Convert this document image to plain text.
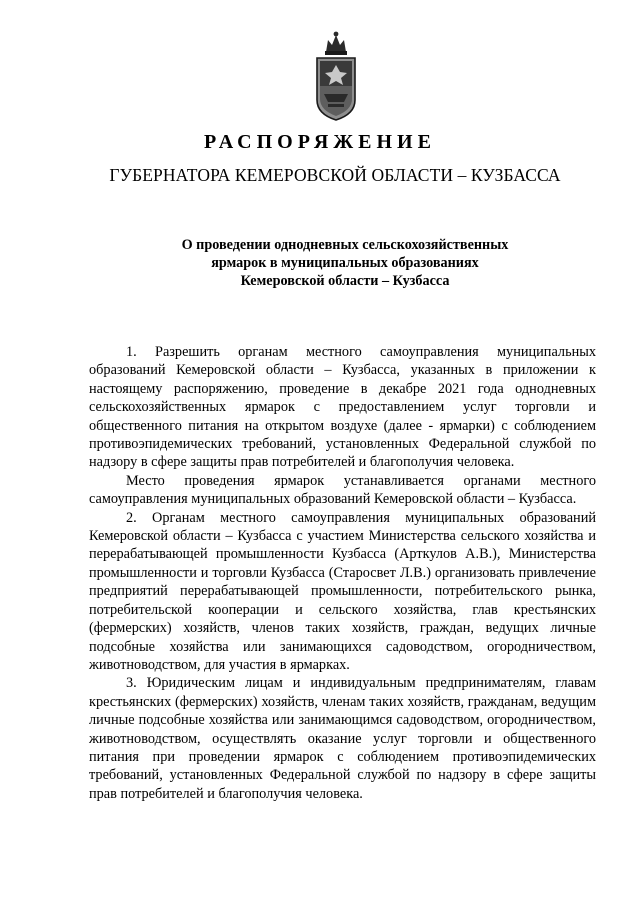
РАСПОРЯЖЕНИЕ
ГУБЕРНАТОРА КЕМЕРОВСКОЙ ОБЛАСТИ – КУЗБАССА
О проведении однодневных сельскохозяйственных
ярмарок в муниципальных образованиях
Кемеровской области – Кузбасса

1. Разрешить органам местного самоуправления муниципальных образований Кемеровской области – Кузбасса, указанных в приложении к настоящему распоряжению, проведение в декабре 2021 года однодневных сельскохозяйственных ярмарок с предоставлением услуг торговли и общественного питания на открытом воздухе (далее - ярмарки) с соблюдением противоэпидемических требований, установленных Федеральной службой по надзору в сфере защиты прав потребителей и благополучия человека.

Место проведения ярмарок устанавливается органами местного самоуправления муниципальных образований Кемеровской области – Кузбасса.

2. Органам местного самоуправления муниципальных образований Кемеровской области – Кузбасса с участием Министерства сельского хозяйства и перерабатывающей промышленности Кузбасса (Арткулов А.В.), Министерства промышленности и торговли Кузбасса (Старосвет Л.В.) организовать привлечение предприятий перерабатывающей промышленности, потребительского рынка, потребительской кооперации и сельского хозяйства, глав крестьянских (фермерских) хозяйств, членов таких хозяйств, граждан, ведущих личные подсобные хозяйства или занимающихся садоводством, огородничеством, животноводством, для участия в ярмарках.

3. Юридическим лицам и индивидуальным предпринимателям, главам крестьянских (фермерских) хозяйств, членам таких хозяйств, гражданам, ведущим личные подсобные хозяйства или занимающимся садоводством, огородничеством, животноводством, осуществлять оказание услуг торговли и общественного питания при проведении ярмарок с соблюдением противоэпидемических требований, установленных Федеральной службой по надзору в сфере защиты прав потребителей и благополучия человека.
